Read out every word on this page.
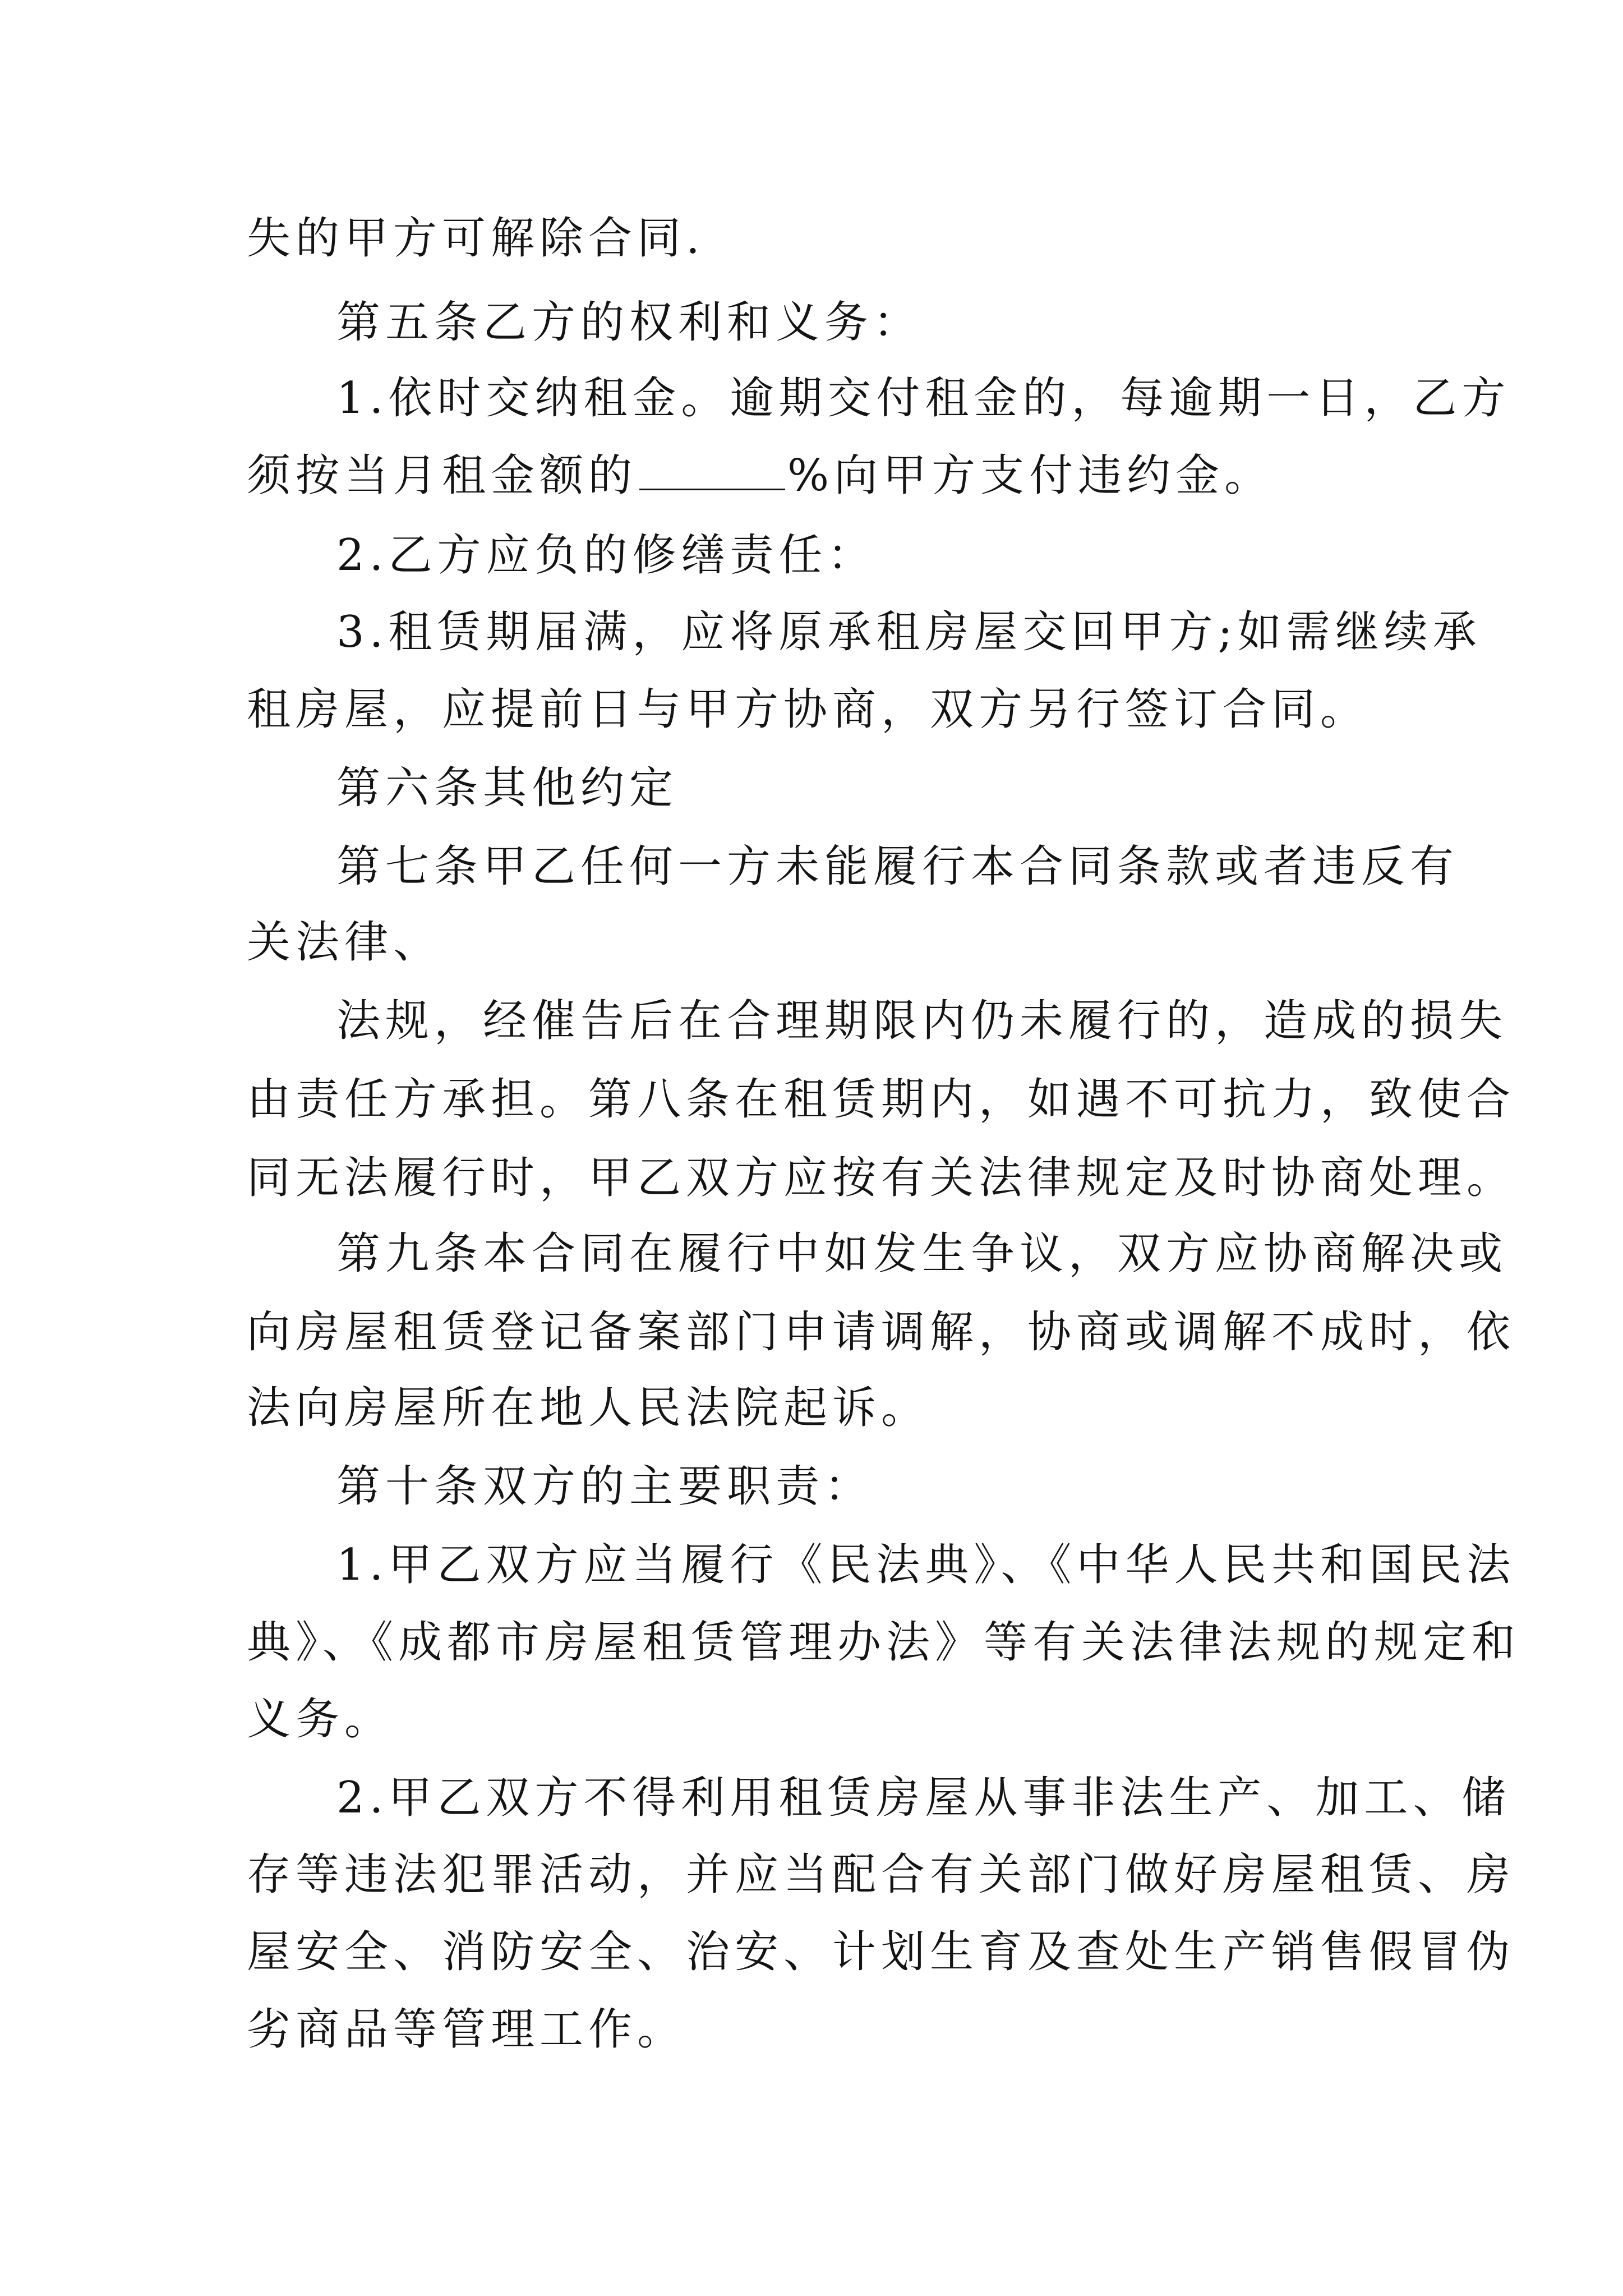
失的甲方可解除合同.

第五条乙方的权利和义务：

1.依时交纳租金。逾期交付租金的，每逾期一日，乙方

须按当月租金额的	%向甲方支付违约金。

2.乙方应负的修缮责任：

3.租赁期届满，应将原承租房屋交回甲方;如需继续承

租房屋，应提前日与甲方协商，双方另行签订合同。

第六条其他约定

第七条甲乙任何一方未能履行本合同条款或者违反有

关法律、

法规，经催告后在合理期限内仍未履行的，造成的损失

由责任方承担。第八条在租赁期内，如遇不可抗力，致使合

同无法履行时，甲乙双方应按有关法律规定及时协商处理。

第九条本合同在履行中如发生争议，双方应协商解决或

向房屋租赁登记备案部门申请调解，协商或调解不成时，依

法向房屋所在地人民法院起诉。

第十条双方的主要职责：

1.甲乙双方应当履行《民法典》、《中华人民共和国民法

典》、《成都市房屋租赁管理办法》等有关法律法规的规定和

义务。

2.甲乙双方不得利用租赁房屋从事非法生产、加工、储

存等违法犯罪活动，并应当配合有关部门做好房屋租赁、房

屋安全、消防安全、治安、计划生育及查处生产销售假冒伪

劣商品等管理工作。
